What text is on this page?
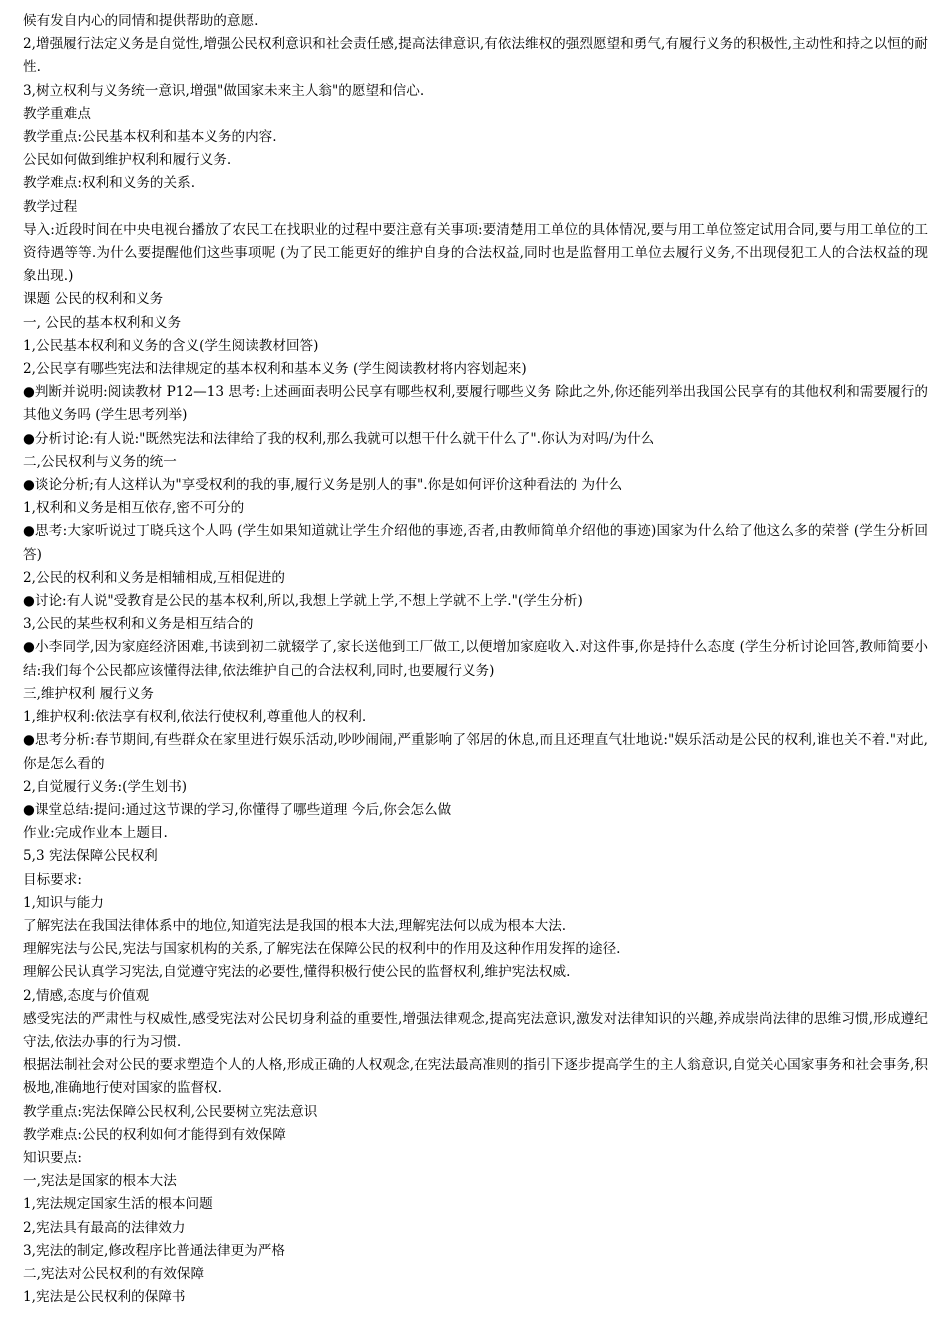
候有发自内心的同情和提供帮助的意愿.

2,增强履行法定义务是自觉性,增强公民权利意识和社会责任感,提高法律意识,有依法维权的强烈愿望和勇气,有履行义务的积极性,主动性和持之以恒的耐性.

3,树立权利与义务统一意识,增强"做国家未来主人翁"的愿望和信心.

教学重难点

教学重点:公民基本权利和基本义务的内容.

公民如何做到维护权利和履行义务.

教学难点:权利和义务的关系.

教学过程

导入:近段时间在中央电视台播放了农民工在找职业的过程中要注意有关事项:要清楚用工单位的具体情况,要与用工单位签定试用合同,要与用工单位的工资待遇等等.为什么要提醒他们这些事项呢 (为了民工能更好的维护自身的合法权益,同时也是监督用工单位去履行义务,不出现侵犯工人的合法权益的现象出现.)

课题 公民的权利和义务

一, 公民的基本权利和义务

1,公民基本权利和义务的含义(学生阅读教材回答)

2,公民享有哪些宪法和法律规定的基本权利和基本义务 (学生阅读教材将内容划起来)

●判断并说明:阅读教材 P12—13 思考:上述画面表明公民享有哪些权利,要履行哪些义务 除此之外,你还能列举出我国公民享有的其他权利和需要履行的其他义务吗 (学生思考列举)

●分析讨论:有人说:"既然宪法和法律给了我的权利,那么我就可以想干什么就干什么了".你认为对吗/为什么

二,公民权利与义务的统一

●谈论分析;有人这样认为"享受权利的我的事,履行义务是别人的事".你是如何评价这种看法的 为什么

1,权利和义务是相互依存,密不可分的

●思考:大家听说过丁晓兵这个人吗 (学生如果知道就让学生介绍他的事迹,否者,由教师简单介绍他的事迹)国家为什么给了他这么多的荣誉 (学生分析回答)

2,公民的权利和义务是相辅相成,互相促进的

●讨论:有人说"受教育是公民的基本权利,所以,我想上学就上学,不想上学就不上学."(学生分析)

3,公民的某些权利和义务是相互结合的

●小李同学,因为家庭经济困难,书读到初二就辍学了,家长送他到工厂做工,以便增加家庭收入.对这件事,你是持什么态度 (学生分析讨论回答,教师简要小结:我们每个公民都应该懂得法律,依法维护自己的合法权利,同时,也要履行义务)

三,维护权利 履行义务

1,维护权利:依法享有权利,依法行使权利,尊重他人的权利.

●思考分析:春节期间,有些群众在家里进行娱乐活动,吵吵闹闹,严重影响了邻居的休息,而且还理直气壮地说:"娱乐活动是公民的权利,谁也关不着."对此,你是怎么看的

2,自觉履行义务:(学生划书)

●课堂总结:提问:通过这节课的学习,你懂得了哪些道理 今后,你会怎么做

作业:完成作业本上题目.

5,3 宪法保障公民权利

目标要求:

1,知识与能力

了解宪法在我国法律体系中的地位,知道宪法是我国的根本大法,理解宪法何以成为根本大法.

理解宪法与公民,宪法与国家机构的关系,了解宪法在保障公民的权利中的作用及这种作用发挥的途径.

理解公民认真学习宪法,自觉遵守宪法的必要性,懂得积极行使公民的监督权利,维护宪法权威.

2,情感,态度与价值观

感受宪法的严肃性与权威性,感受宪法对公民切身利益的重要性,增强法律观念,提高宪法意识,激发对法律知识的兴趣,养成崇尚法律的思维习惯,形成遵纪守法,依法办事的行为习惯.

根据法制社会对公民的要求塑造个人的人格,形成正确的人权观念,在宪法最高准则的指引下逐步提高学生的主人翁意识,自觉关心国家事务和社会事务,积极地,准确地行使对国家的监督权.

教学重点:宪法保障公民权利,公民要树立宪法意识

教学难点:公民的权利如何才能得到有效保障

知识要点:

一,宪法是国家的根本大法

1,宪法规定国家生活的根本问题

2,宪法具有最高的法律效力

3,宪法的制定,修改程序比普通法律更为严格

二,宪法对公民权利的有效保障

1,宪法是公民权利的保障书
